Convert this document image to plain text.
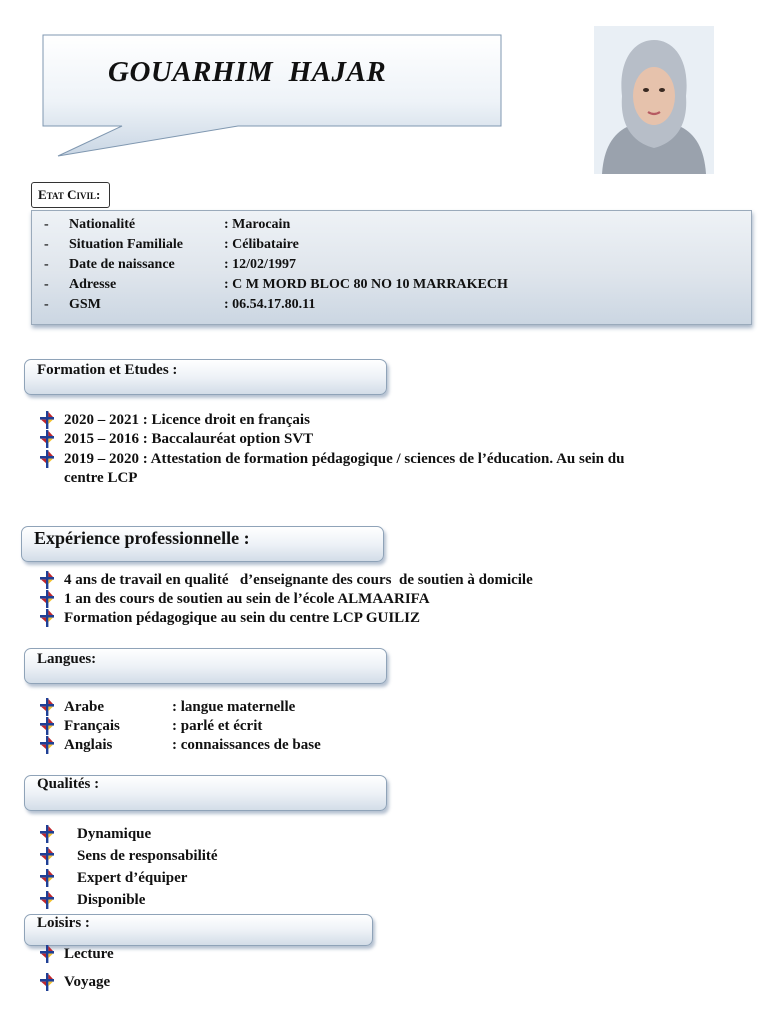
GOUARHIM  HAJAR
Etat Civil:
-	Nationalité	: Marocain
-	Situation Familiale	: Célibataire
-	Date de naissance	: 12/02/1997
-	Adresse	: C M MORD BLOC 80 NO 10 MARRAKECH
-	GSM	: 06.54.17.80.11
Formation et Etudes :
2020 – 2021 : Licence droit en français
2015 – 2016 : Baccalauréat option SVT
2019 – 2020 : Attestation de formation pédagogique / sciences de l’éducation. Au sein du
centre LCP
Expérience professionnelle :
4 ans de travail en qualité   d’enseignante des cours  de soutien à domicile
1 an des cours de soutien au sein de l’école ALMAARIFA
Formation pédagogique au sein du centre LCP GUILIZ
Langues:
Arabe	: langue maternelle
Français	: parlé et écrit
Anglais	: connaissances de base
Qualités :
Dynamique
Sens de responsabilité
Expert d’équiper
Disponible
Loisirs :
Lecture
Voyage
